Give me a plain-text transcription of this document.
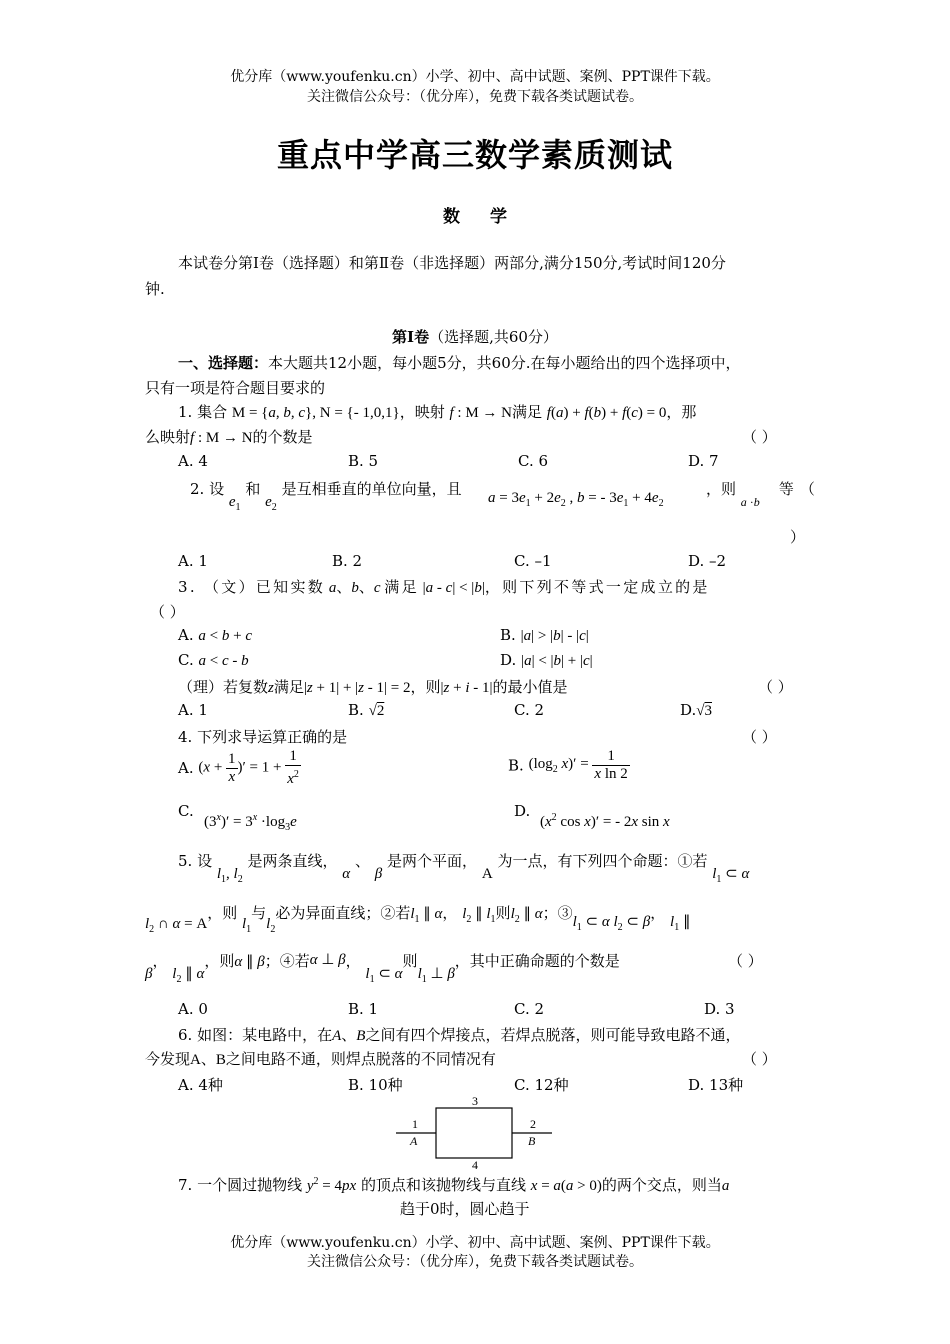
优分库（www.youfenku.cn）小学、初中、高中试题、案例、PPT课件下载。
关注微信公众号：（优分库），免费下载各类试题试卷。
重点中学高三数学素质测试
数学
本试卷分第Ⅰ卷（选择题）和第Ⅱ卷（非选择题）两部分,满分150分,考试时间120分
钟.
第Ⅰ卷（选择题,共60分）
一、选择题：本大题共12小题，每小题5分，共60分.在每小题给出的四个选择项中，
只有一项是符合题目要求的
1. 集合 M = {a, b, c}, N = {- 1,0,1}，映射 f : M → N满足 f(a) + f(b) + f(c) = 0，那
么映射f : M → N的个数是	（ ）
A. 4	B. 5	C. 6	D. 7
2. 设 $e_1$ 和 $e_2$ 是互相垂直的单位向量，且 $a = 3e_1 + 2e_2$ , b = - $3e_1 + 4e_2$
，则 $_{a \cdot b}$    等（
）
A. 1	B. 2	C. –1	D. –2
3. （文）已知实数 a、b、c 满足 |a - c| < |b|，则下列不等式一定成立的是
（ ）
A. a < b + c	B. |a| > |b| - |c|
C. a < c - b	D. |a| < |b| + |c|
（理）若复数z满足|z + 1| + |z - 1| = 2，则|z + i - 1|的最小值是	（ ）
A. 1	B. √2	C. 2	D.√3
4. 下列求导运算正确的是	（ ）
A. ($x + \frac{1}{x}$ )′ = $1 + \frac{1}{x^2}$	B. ($\log_2$ $x)' = \frac{1}{\text{x ln 2}}$
C.
$(3^x)' = 3^x \cdot\log_3e$
D.
($x^2$ cos x)′ = - 2x sin x
5. 设 $l_1$, $l_2$ 是两条直线， α 、 β 是两个平面， A 为一点，有下列四个命题：①若 $l_1$ ⊂ α
$l_2$ ∩ α = A，则 $l_1$与$l_2$必为异面直线；②若$l_1$ ∥ α， $l_2$ ∥ $l_1$则$l_2$ ∥ α；$③l_1$ ⊂ α $l_2$ ⊂ β， $l_1$ ∥
β， $l_2$ ∥ α，则α ∥ β；④若α ⊥ β， $l_1$ ⊂ α则$l_1$ ⊥ β，其中正确命题的个数是	（ ）
A. 0	B. 1	C. 2	D. 3
6. 如图：某电路中，在A、B之间有四个焊接点，若焊点脱落，则可能导致电路不通，
今发现A、B之间电路不通，则焊点脱落的不同情况有	（ ）
A. 4种	B. 10种	C. 12种	D. 13种
3
4
1
A
2
B
7. 一个圆过抛物线 $y^2 = 4px$ 的顶点和该抛物线与直线 x = a(a > 0)的两个交点，则当a
趋于0时，圆心趋于
优分库（www.youfenku.cn）小学、初中、高中试题、案例、PPT课件下载。
关注微信公众号：（优分库），免费下载各类试题试卷。
